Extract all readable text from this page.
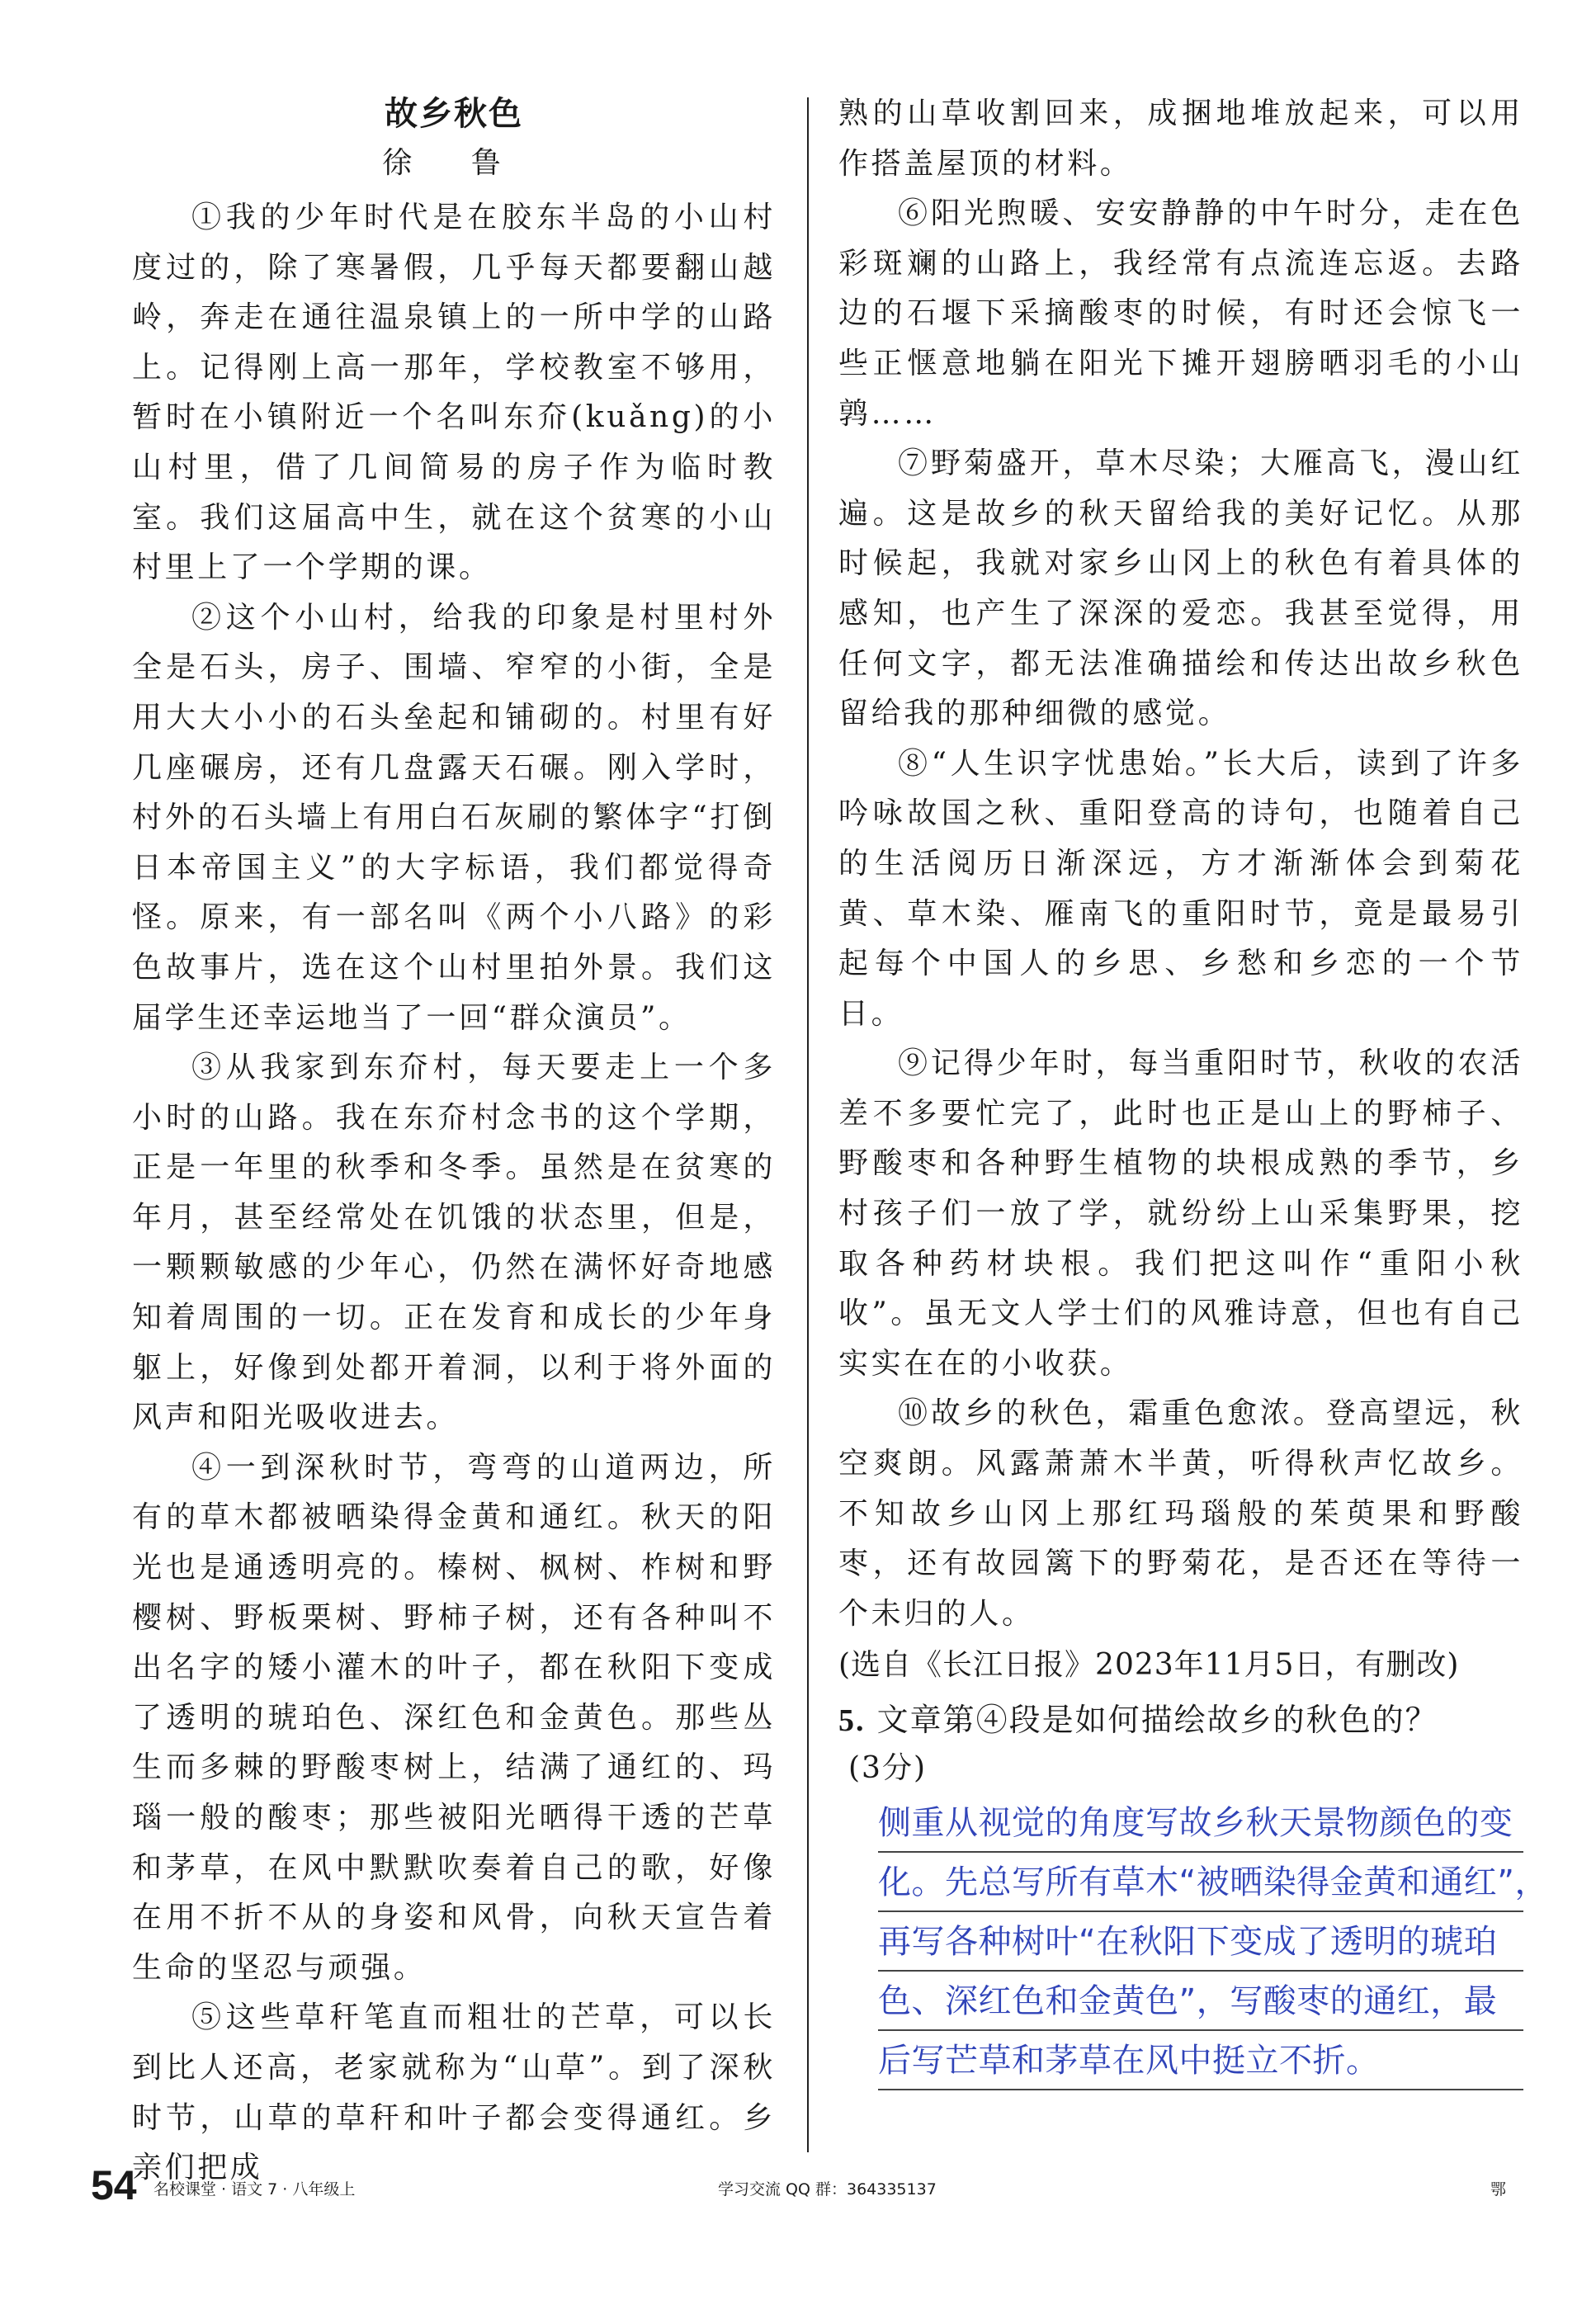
故乡秋色
徐 鲁

①我的少年时代是在胶东半岛的小山村度过的，除了寒暑假，几乎每天都要翻山越岭，奔走在通往温泉镇上的一所中学的山路上。记得刚上高一那年，学校教室不够用，暂时在小镇附近一个名叫东夼(kuǎng)的小山村里，借了几间简易的房子作为临时教室。我们这届高中生，就在这个贫寒的小山村里上了一个学期的课。

②这个小山村，给我的印象是村里村外全是石头，房子、围墙、窄窄的小街，全是用大大小小的石头垒起和铺砌的。村里有好几座碾房，还有几盘露天石碾。刚入学时，村外的石头墙上有用白石灰刷的繁体字“打倒日本帝国主义”的大字标语，我们都觉得奇怪。原来，有一部名叫《两个小八路》的彩色故事片，选在这个山村里拍外景。我们这届学生还幸运地当了一回“群众演员”。

③从我家到东夼村，每天要走上一个多小时的山路。我在东夼村念书的这个学期，正是一年里的秋季和冬季。虽然是在贫寒的年月，甚至经常处在饥饿的状态里，但是，一颗颗敏感的少年心，仍然在满怀好奇地感知着周围的一切。正在发育和成长的少年身躯上，好像到处都开着洞，以利于将外面的风声和阳光吸收进去。

④一到深秋时节，弯弯的山道两边，所有的草木都被晒染得金黄和通红。秋天的阳光也是通透明亮的。榛树、枫树、柞树和野樱树、野板栗树、野柿子树，还有各种叫不出名字的矮小灌木的叶子，都在秋阳下变成了透明的琥珀色、深红色和金黄色。那些丛生而多棘的野酸枣树上，结满了通红的、玛瑙一般的酸枣；那些被阳光晒得干透的芒草和茅草，在风中默默吹奏着自己的歌，好像在用不折不从的身姿和风骨，向秋天宣告着生命的坚忍与顽强。

⑤这些草秆笔直而粗壮的芒草，可以长到比人还高，老家就称为“山草”。到了深秋时节，山草的草秆和叶子都会变得通红。乡亲们把成

熟的山草收割回来，成捆地堆放起来，可以用作搭盖屋顶的材料。

⑥阳光煦暖、安安静静的中午时分，走在色彩斑斓的山路上，我经常有点流连忘返。去路边的石堰下采摘酸枣的时候，有时还会惊飞一些正惬意地躺在阳光下摊开翅膀晒羽毛的小山鹑……

⑦野菊盛开，草木尽染；大雁高飞，漫山红遍。这是故乡的秋天留给我的美好记忆。从那时候起，我就对家乡山冈上的秋色有着具体的感知，也产生了深深的爱恋。我甚至觉得，用任何文字，都无法准确描绘和传达出故乡秋色留给我的那种细微的感觉。

⑧“人生识字忧患始。”长大后，读到了许多吟咏故国之秋、重阳登高的诗句，也随着自己的生活阅历日渐深远，方才渐渐体会到菊花黄、草木染、雁南飞的重阳时节，竟是最易引起每个中国人的乡思、乡愁和乡恋的一个节日。

⑨记得少年时，每当重阳时节，秋收的农活差不多要忙完了，此时也正是山上的野柿子、野酸枣和各种野生植物的块根成熟的季节，乡村孩子们一放了学，就纷纷上山采集野果，挖取各种药材块根。我们把这叫作“重阳小秋收”。虽无文人学士们的风雅诗意，但也有自己实实在在的小收获。

⑩故乡的秋色，霜重色愈浓。登高望远，秋空爽朗。风露萧萧木半黄，听得秋声忆故乡。不知故乡山冈上那红玛瑙般的茱萸果和野酸枣，还有故园篱下的野菊花，是否还在等待一个未归的人。

(选自《长江日报》2023年11月5日，有删改)

5. 文章第④段是如何描绘故乡的秋色的？
(3分)
侧重从视觉的角度写故乡秋天景物颜色的变
化。先总写所有草木“被晒染得金黄和通红”，
再写各种树叶“在秋阳下变成了透明的琥珀
色、深红色和金黄色”，写酸枣的通红，最
后写芒草和茅草在风中挺立不折。
54 名校课堂 · 语文 7 · 八年级上	学习交流 QQ 群：364335137	鄂
